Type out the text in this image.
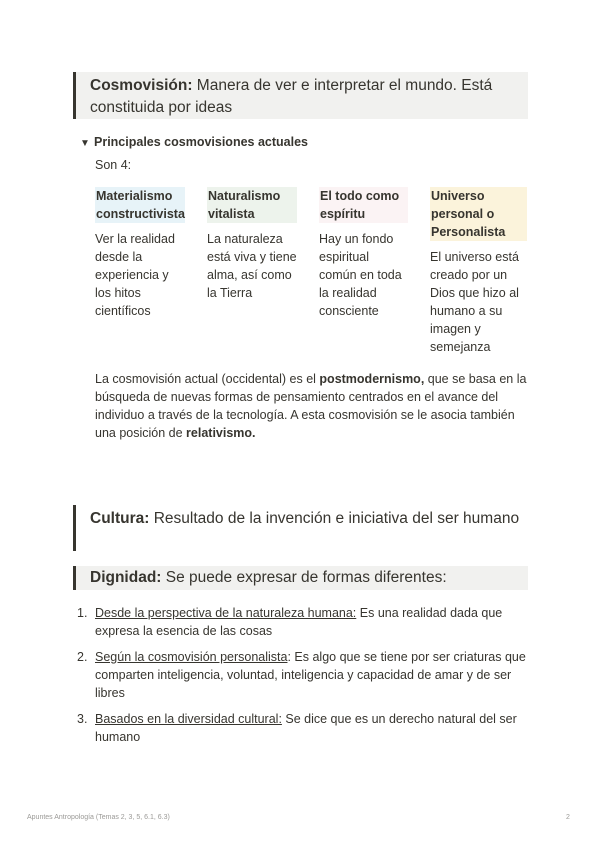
Cosmovisión: Manera de ver e interpretar el mundo. Está constituida por ideas
▼ Principales cosmovisiones actuales
Son 4:
Materialismo constructivista
Ver la realidad desde la experiencia y los hitos científicos
Naturalismo vitalista
La naturaleza está viva y tiene alma, así como la Tierra
El todo como espíritu
Hay un fondo espiritual común en toda la realidad consciente
Universo personal o Personalista
El universo está creado por un Dios que hizo al humano a su imagen y semejanza
La cosmovisión actual (occidental) es el postmodernismo, que se basa en la búsqueda de nuevas formas de pensamiento centrados en el avance del individuo a través de la tecnología. A esta cosmovisión se le asocia también una posición de relativismo.
Cultura: Resultado de la invención e iniciativa del ser humano
Dignidad: Se puede expresar de formas diferentes:
1. Desde la perspectiva de la naturaleza humana: Es una realidad dada que expresa la esencia de las cosas
2. Según la cosmovisión personalista: Es algo que se tiene por ser criaturas que comparten inteligencia, voluntad, inteligencia y capacidad de amar y de ser libres
3. Basados en la diversidad cultural: Se dice que es un derecho natural del ser humano
Apuntes Antropología (Temas 2, 3, 5, 6.1, 6.3)	2
